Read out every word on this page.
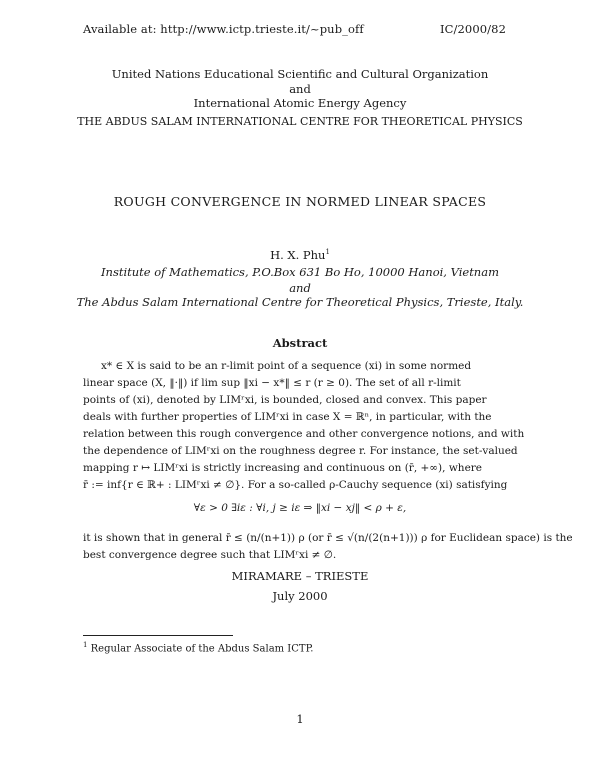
Available at: http://www.ictp.trieste.it/~pub_off	IC/2000/82
United Nations Educational Scientific and Cultural Organization
and
International Atomic Energy Agency
THE ABDUS SALAM INTERNATIONAL CENTRE FOR THEORETICAL PHYSICS
ROUGH CONVERGENCE IN NORMED LINEAR SPACES
H. X. Phu$^1$
Institute of Mathematics, P.O.Box 631 Bo Ho, 10000 Hanoi, Vietnam
and
The Abdus Salam International Centre for Theoretical Physics, Trieste, Italy.
Abstract
x* ∈ X is said to be an r-limit point of a sequence (xi) in some normed
linear space (X, ‖·‖) if lim sup ‖xi − x*‖ ≤ r (r ≥ 0). The set of all r-limit
points of (xi), denoted by LIMʳxi, is bounded, closed and convex. This paper
deals with further properties of LIMʳxi in case X = ℝⁿ, in particular, with the
relation between this rough convergence and other convergence notions, and with
the dependence of LIMʳxi on the roughness degree r. For instance, the set-valued
mapping r ↦ LIMʳxi is strictly increasing and continuous on (r̄, +∞), where
r̄ := inf{r ∈ ℝ+ : LIMʳxi ≠ ∅}. For a so-called ρ-Cauchy sequence (xi) satisfying
∀ε > 0 ∃iε : ∀i, j ≥ iε ⇒ ‖xi − xj‖ < ρ + ε,
it is shown that in general r̄ ≤ (n/(n+1)) ρ (or r̄ ≤ √(n/(2(n+1))) ρ for Euclidean space) is the
best convergence degree such that LIMʳxi ≠ ∅.
MIRAMARE – TRIESTE
July 2000
$^1$ Regular Associate of the Abdus Salam ICTP.
1
